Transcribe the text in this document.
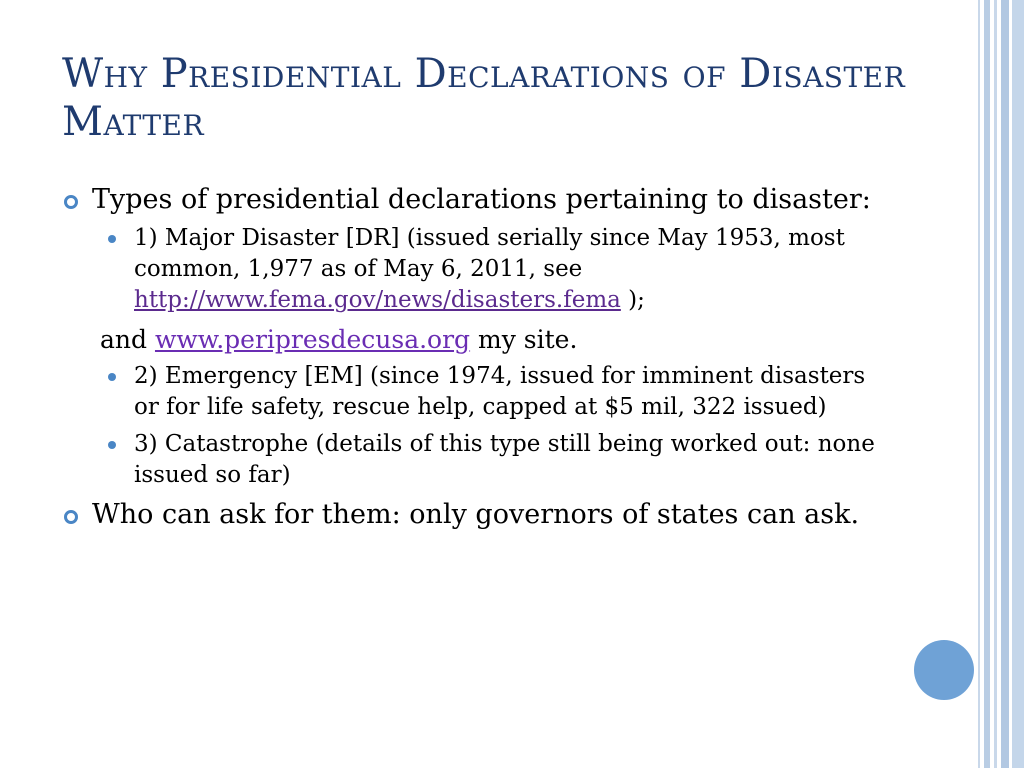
Why Presidential Declarations of Disaster Matter
Types of presidential declarations pertaining to disaster:
1) Major Disaster [DR] (issued serially since May 1953, most common, 1,977 as of May 6, 2011, see http://www.fema.gov/news/disasters.fema );
and www.peripresdecusa.org my site.
2) Emergency [EM] (since 1974, issued for imminent disasters or for life safety, rescue help, capped at $5 mil, 322 issued)
3) Catastrophe (details of this type still being worked out: none issued so far)
Who can ask for them: only governors of states can ask.
